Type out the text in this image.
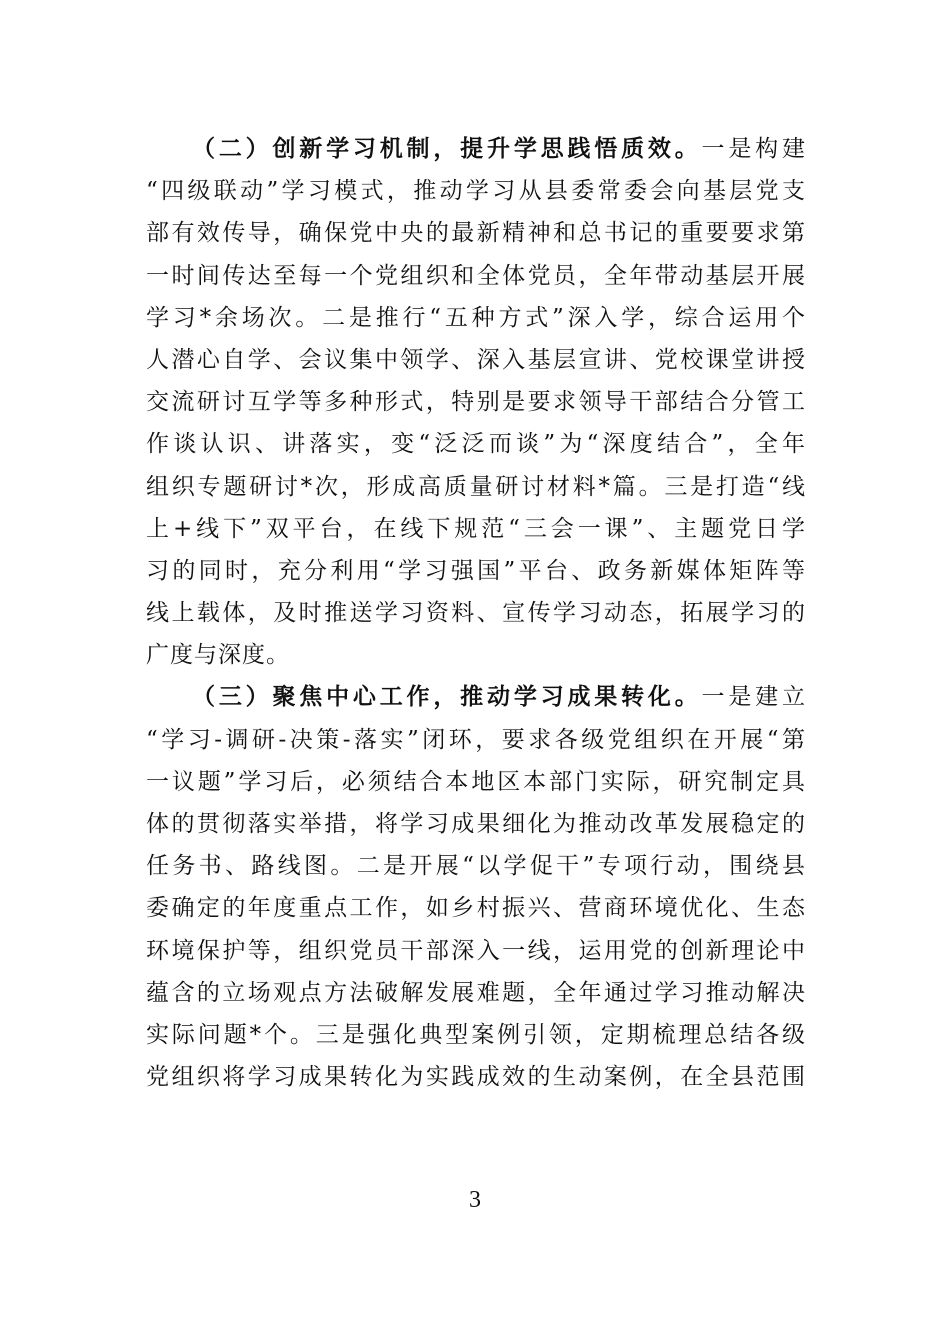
（二）创新学习机制，提升学思践悟质效。一是构建
“四级联动”学习模式，推动学习从县委常委会向基层党支
部有效传导，确保党中央的最新精神和总书记的重要要求第
一时间传达至每一个党组织和全体党员，全年带动基层开展
学习*余场次。二是推行“五种方式”深入学，综合运用个
人潜心自学、会议集中领学、深入基层宣讲、党校课堂讲授
交流研讨互学等多种形式，特别是要求领导干部结合分管工
作谈认识、讲落实，变“泛泛而谈”为“深度结合”，全年
组织专题研讨*次，形成高质量研讨材料*篇。三是打造“线
上+线下”双平台，在线下规范“三会一课”、主题党日学
习的同时，充分利用“学习强国”平台、政务新媒体矩阵等
线上载体，及时推送学习资料、宣传学习动态，拓展学习的
广度与深度。
（三）聚焦中心工作，推动学习成果转化。一是建立
“学习-调研-决策-落实”闭环，要求各级党组织在开展“第
一议题”学习后，必须结合本地区本部门实际，研究制定具
体的贯彻落实举措，将学习成果细化为推动改革发展稳定的
任务书、路线图。二是开展“以学促干”专项行动，围绕县
委确定的年度重点工作，如乡村振兴、营商环境优化、生态
环境保护等，组织党员干部深入一线，运用党的创新理论中
蕴含的立场观点方法破解发展难题，全年通过学习推动解决
实际问题*个。三是强化典型案例引领，定期梳理总结各级
党组织将学习成果转化为实践成效的生动案例，在全县范围
3
